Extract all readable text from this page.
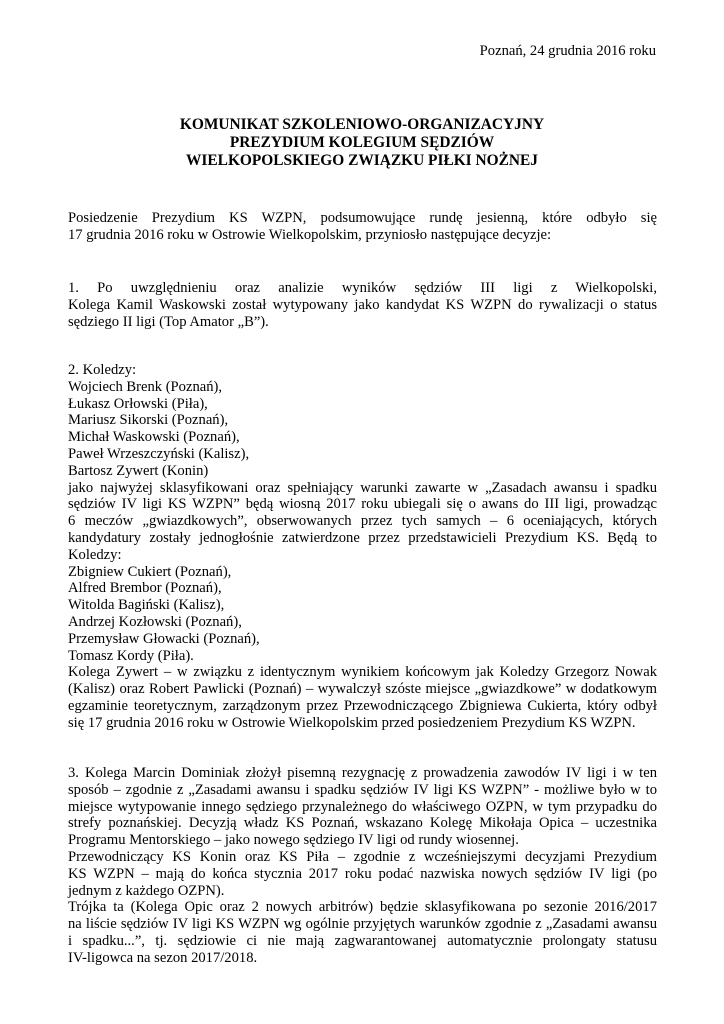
Poznań, 24 grudnia 2016 roku
KOMUNIKAT SZKOLENIOWO-ORGANIZACYJNY
PREZYDIUM KOLEGIUM SĘDZIÓW
WIELKOPOLSKIEGO ZWIĄZKU PIŁKI NOŻNEJ
Posiedzenie Prezydium KS WZPN, podsumowujące rundę jesienną, które odbyło się
17 grudnia 2016 roku w Ostrowie Wielkopolskim, przyniosło następujące decyzje:
1. Po uwzględnieniu oraz analizie wyników sędziów III ligi z Wielkopolski,
Kolega Kamil Waskowski został wytypowany jako kandydat KS WZPN do rywalizacji o status
sędziego II ligi (Top Amator „B”).
2. Koledzy:
Wojciech Brenk (Poznań),
Łukasz Orłowski (Piła),
Mariusz Sikorski (Poznań),
Michał Waskowski (Poznań),
Paweł Wrzeszczyński (Kalisz),
Bartosz Zywert (Konin)
jako najwyżej sklasyfikowani oraz spełniający warunki zawarte w „Zasadach awansu i spadku
sędziów IV ligi KS WZPN” będą wiosną 2017 roku ubiegali się o awans do III ligi, prowadząc
6 meczów „gwiazdkowych”, obserwowanych przez tych samych – 6 oceniających, których
kandydatury zostały jednogłośnie zatwierdzone przez przedstawicieli Prezydium KS. Będą to
Koledzy:
Zbigniew Cukiert (Poznań),
Alfred Brembor (Poznań),
Witolda Bagiński (Kalisz),
Andrzej Kozłowski (Poznań),
Przemysław Głowacki (Poznań),
Tomasz Kordy (Piła).
Kolega Zywert – w związku z identycznym wynikiem końcowym jak Koledzy Grzegorz Nowak
(Kalisz) oraz Robert Pawlicki (Poznań) – wywalczył szóste miejsce „gwiazdkowe” w dodatkowym
egzaminie teoretycznym, zarządzonym przez Przewodniczącego Zbigniewa Cukierta, który odbył
się 17 grudnia 2016 roku w Ostrowie Wielkopolskim przed posiedzeniem Prezydium KS WZPN.
3. Kolega Marcin Dominiak złożył pisemną rezygnację z prowadzenia zawodów IV ligi i w ten
sposób – zgodnie z „Zasadami awansu i spadku sędziów IV ligi KS WZPN” - możliwe było w to
miejsce wytypowanie innego sędziego przynależnego do właściwego OZPN, w tym przypadku do
strefy poznańskiej. Decyzją władz KS Poznań, wskazano Kolegę Mikołaja Opica – uczestnika
Programu Mentorskiego – jako nowego sędziego IV ligi od rundy wiosennej.
Przewodniczący KS Konin oraz KS Piła – zgodnie z wcześniejszymi decyzjami Prezydium
KS WZPN – mają do końca stycznia 2017 roku podać nazwiska nowych sędziów IV ligi (po
jednym z każdego OZPN).
Trójka ta (Kolega Opic oraz 2 nowych arbitrów) będzie sklasyfikowana po sezonie 2016/2017
na liście sędziów IV ligi KS WZPN wg ogólnie przyjętych warunków zgodnie z „Zasadami awansu
i spadku...”, tj. sędziowie ci nie mają zagwarantowanej automatycznie prolongaty statusu
IV-ligowca na sezon 2017/2018.
